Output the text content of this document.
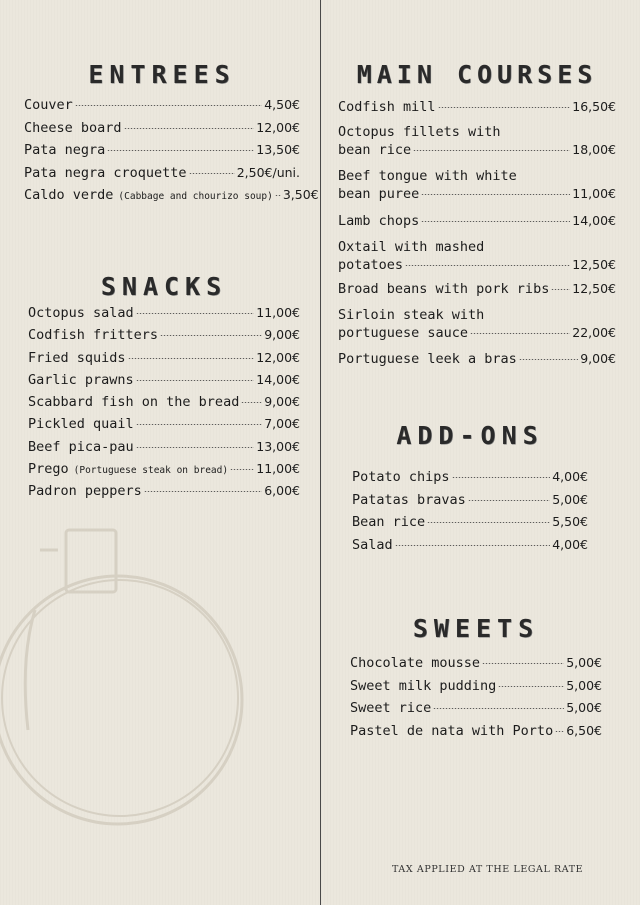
ENTREES
Couver	4,50€
Cheese board	12,00€
Pata negra	13,50€
Pata negra croquette	2,50€/uni.
Caldo verde (Cabbage and chourizo soup) 3,50€
SNACKS
Octopus salad	11,00€
Codfish fritters	9,00€
Fried squids	12,00€
Garlic prawns	14,00€
Scabbard fish on the bread 9,00€
Pickled quail	7,00€
Beef pica-pau	13,00€
Prego (Portuguese steak on bread) 11,00€
Padron peppers	6,00€
MAIN COURSES
Codfish mill	16,50€
Octopus fillets with
bean rice	18,00€
Beef tongue with white
bean puree	11,00€
Lamb chops	14,00€
Oxtail with mashed
potatoes	12,50€
Broad beans with pork ribs 12,50€
Sirloin steak with
portuguese sauce	22,00€
Portuguese leek a bras	9,00€
ADD-ONS
Potato chips	4,00€
Patatas bravas	5,00€
Bean rice	5,50€
Salad	4,00€
SWEETS
Chocolate mousse	5,00€
Sweet milk pudding	5,00€
Sweet rice	5,00€
Pastel de nata with Porto 6,50€
TAX APPLIED AT THE LEGAL RATE
